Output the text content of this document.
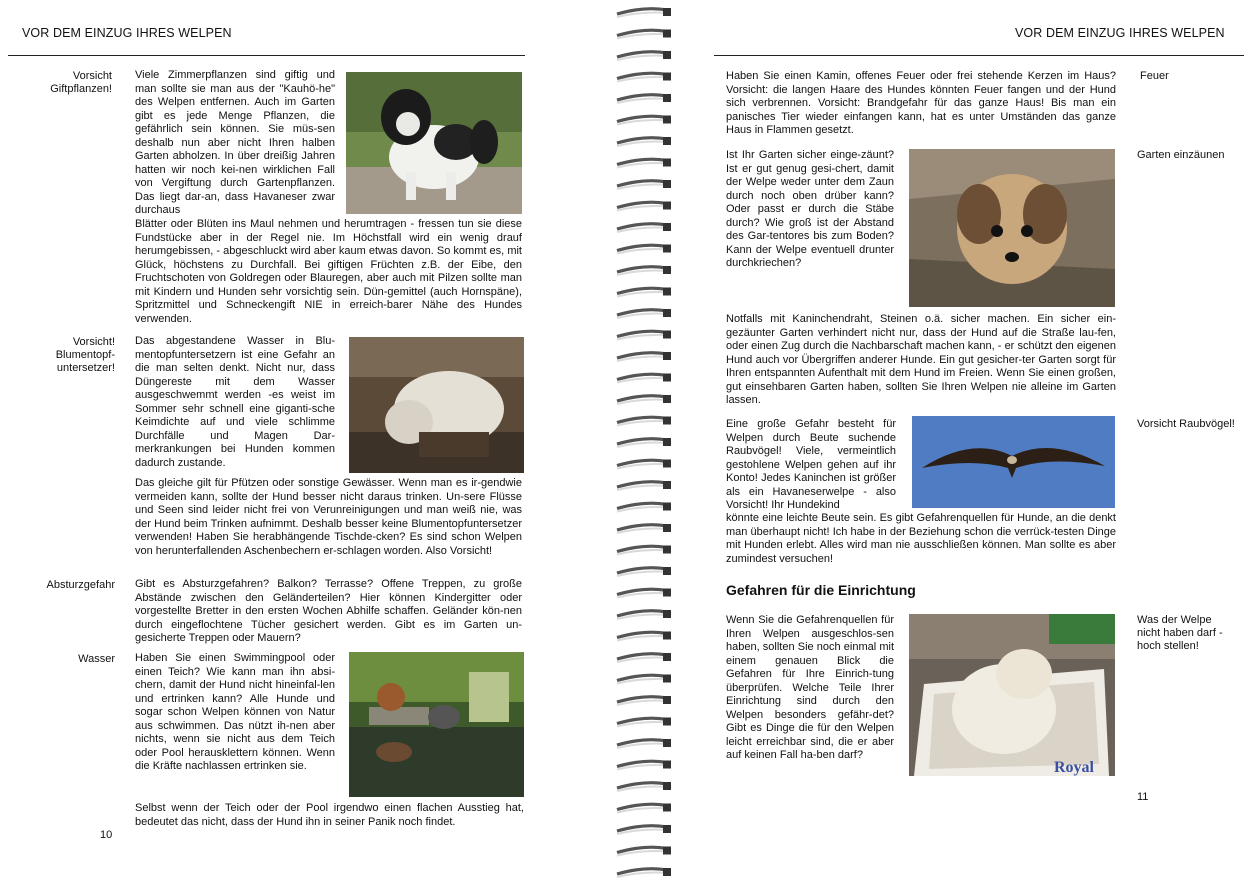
VOR DEM EINZUG IHRES WELPEN
Vorsicht
Giftpflanzen!

Viele Zimmerpflanzen sind giftig und man sollte sie man aus der "Kauhö-he" des Welpen entfernen. Auch im Garten gibt es jede Menge Pflanzen, die gefährlich sein können. Sie müs-sen deshalb nun aber nicht Ihren halben Garten abholzen. In über dreißig Jahren hatten wir noch kei-nen wirklichen Fall von Vergiftung durch Gartenpflanzen. Das liegt dar-an, dass Havaneser zwar durchaus

Blätter oder Blüten ins Maul nehmen und herumtragen - fressen tun sie diese Fundstücke aber in der Regel nie. Im Höchstfall wird ein wenig drauf herumgebissen, - abgeschluckt wird aber kaum etwas davon. So kommt es, mit Glück, höchstens zu Durchfall. Bei giftigen Früchten z.B. der Eibe, den Fruchtschoten von Goldregen oder Blauregen, aber auch mit Pilzen sollte man mit Kindern und Hunden sehr vorsichtig sein. Dün-gemittel (auch Hornspäne), Spritzmittel und Schneckengift NIE in erreich-barer Nähe des Hundes verwenden.

Vorsicht!
Blumentopf-
untersetzer!

Das abgestandene Wasser in Blu-mentopfuntersetzern ist eine Gefahr an die man selten denkt. Nicht nur, dass Düngereste mit dem Wasser ausgeschwemmt werden -es weist im Sommer sehr schnell eine giganti-sche Keimdichte auf und viele schlimme Durchfälle und Magen Dar-merkrankungen bei Hunden kommen dadurch zustande.

Das gleiche gilt für Pfützen oder sonstige Gewässer. Wenn man es ir-gendwie vermeiden kann, sollte der Hund besser nicht daraus trinken. Un-sere Flüsse und Seen sind leider nicht frei von Verunreinigungen und man weiß nie, was der Hund beim Trinken aufnimmt. Deshalb besser keine Blumentopfuntersetzer verwenden! Haben Sie herabhängende Tischde-cken? Es sind schon Welpen von herunterfallenden Aschenbechern er-schlagen worden. Also Vorsicht!

Absturzgefahr Gibt es Absturzgefahren? Balkon? Terrasse? Offene Treppen, zu große Abstände zwischen den Geländerteilen? Hier können Kindergitter oder vorgestellte Bretter in den ersten Wochen Abhilfe schaffen. Geländer kön-nen durch eingeflochtene Tücher gesichert werden. Gibt es im Garten un-gesicherte Treppen oder Mauern?

Wasser Haben Sie einen Swimmingpool oder einen Teich? Wie kann man ihn absi-chern, damit der Hund nicht hineinfal-len und ertrinken kann? Alle Hunde und sogar schon Welpen können von Natur aus schwimmen. Das nützt ih-nen aber nichts, wenn sie nicht aus dem Teich oder Pool herausklettern können. Wenn die Kräfte nachlassen ertrinken sie.

Selbst wenn der Teich oder der Pool irgendwo einen flachen Ausstieg hat, bedeutet das nicht, dass der Hund ihn in seiner Panik noch findet.

10
VOR DEM EINZUG IHRES WELPEN

Haben Sie einen Kamin, offenes Feuer oder frei stehende Kerzen im Haus? Vorsicht: die langen Haare des Hundes könnten Feuer fangen und der Hund sich verbrennen. Vorsicht: Brandgefahr für das ganze Haus! Bis man ein panisches Tier wieder einfangen kann, hat es unter Umständen das ganze Haus in Flammen gesetzt.

Feuer

Ist Ihr Garten sicher einge-zäunt? Ist er gut genug gesi-chert, damit der Welpe weder unter dem Zaun durch noch oben drüber kann? Oder passt er durch die Stäbe durch? Wie groß ist der Abstand des Gar-tentores bis zum Boden? Kann der Welpe eventuell drunter durchkriechen?

Garten einzäunen

Notfalls mit Kaninchendraht, Steinen o.ä. sicher machen. Ein sicher ein-gezäunter Garten verhindert nicht nur, dass der Hund auf die Straße lau-fen, oder einen Zug durch die Nachbarschaft machen kann, - er schützt den eigenen Hund auch vor Übergriffen anderer Hunde. Ein gut gesicher-ter Garten sorgt für Ihren entspannten Aufenthalt mit dem Hund im Freien. Wenn Sie einen großen, gut einsehbaren Garten haben, sollten Sie Ihren Welpen nie alleine im Garten lassen.

Eine große Gefahr besteht für Welpen durch Beute suchende Raubvögel! Viele, vermeintlich gestohlene Welpen gehen auf ihr Konto! Jedes Kaninchen ist größer als ein Havaneserwelpe - also Vorsicht! Ihr Hundekind

Vorsicht Raubvögel!

könnte eine leichte Beute sein. Es gibt Gefahrenquellen für Hunde, an die denkt man überhaupt nicht! Ich habe in der Beziehung schon die verrück-testen Dinge mit Hunden erlebt. Alles wird man nie ausschließen können. Man sollte es aber zumindest versuchen!

Gefahren für die Einrichtung

Wenn Sie die Gefahrenquellen für Ihren Welpen ausgeschlos-sen haben, sollten Sie noch einmal mit einem genauen Blick die Gefahren für Ihre Einrich-tung überprüfen. Welche Teile Ihrer Einrichtung sind durch den Welpen besonders gefähr-det? Gibt es Dinge die für den Welpen leicht erreichbar sind, die er aber auf keinen Fall ha-ben darf?

Royal
Was der Welpe
nicht haben darf -
hoch stellen!
11
